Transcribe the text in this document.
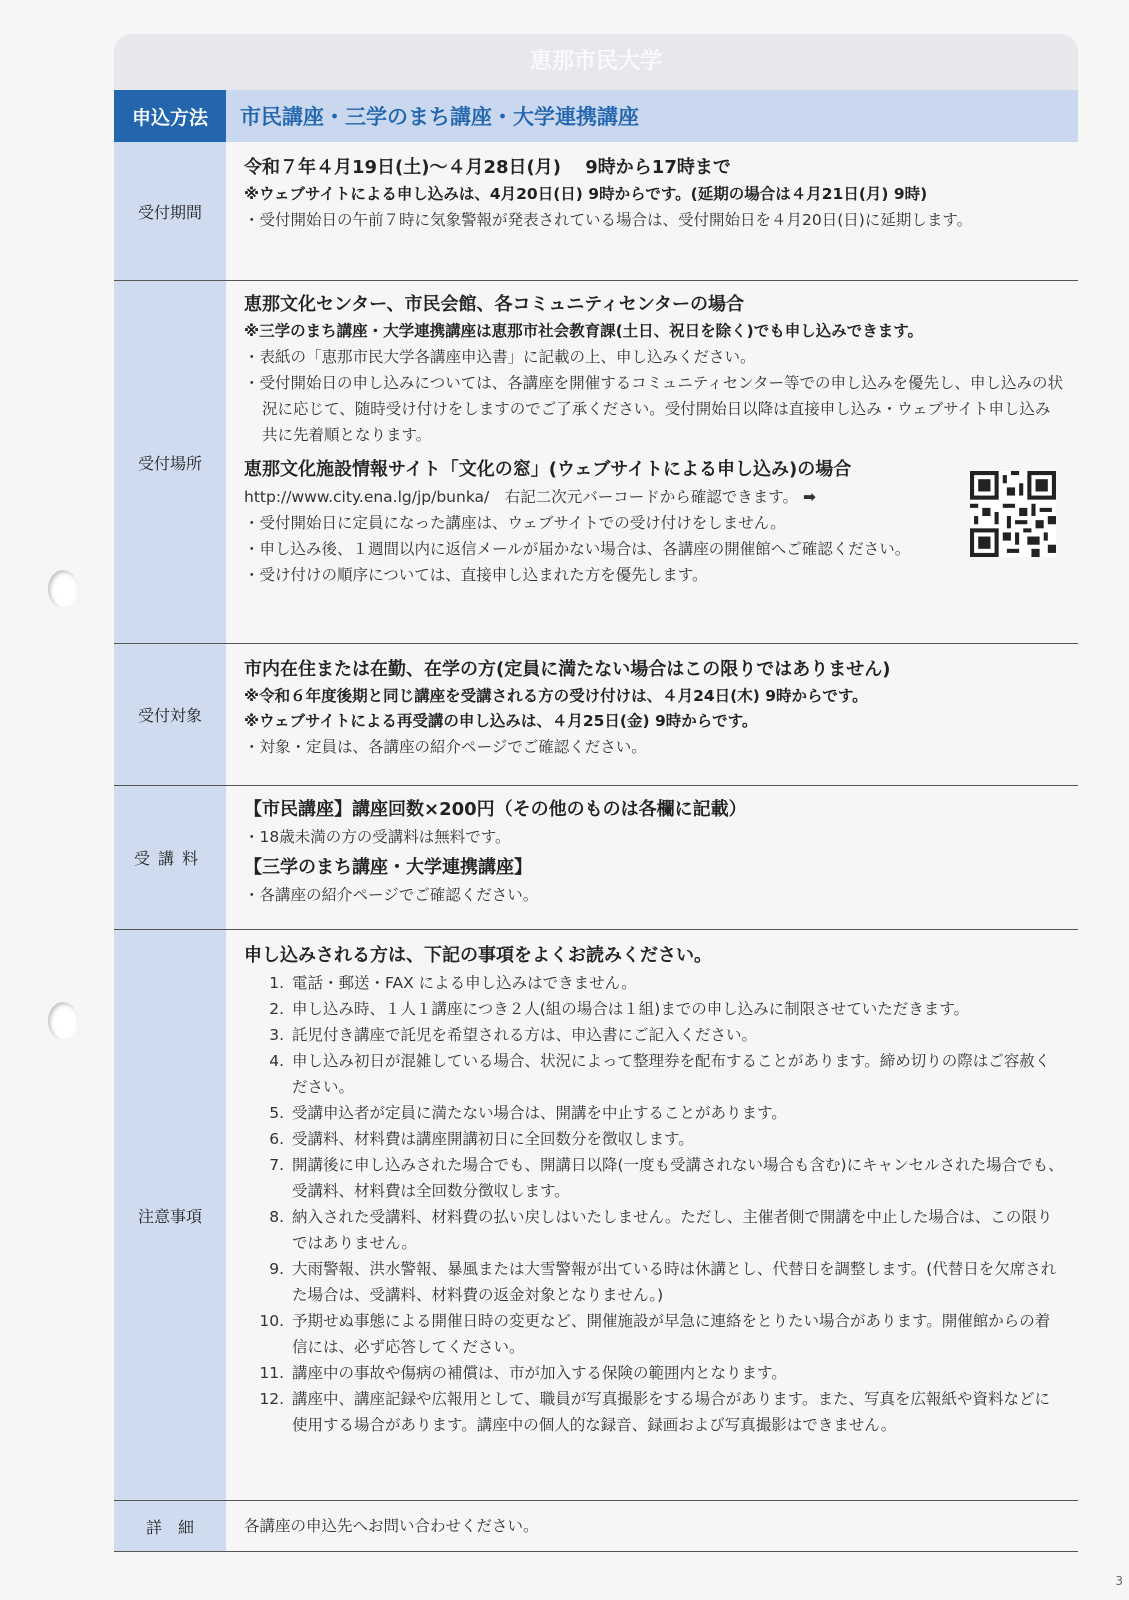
恵那市民大学
申込方法	市民講座・三学のまち講座・大学連携講座
受付期間
令和７年４月19日(土)～４月28日(月)　 9時から17時まで
※ウェブサイトによる申し込みは、4月20日(日) 9時からです。(延期の場合は４月21日(月) 9時)
・受付開始日の午前７時に気象警報が発表されている場合は、受付開始日を４月20日(日)に延期します。
受付場所
恵那文化センター、市民会館、各コミュニティセンターの場合
※三学のまち講座・大学連携講座は恵那市社会教育課(土日、祝日を除く)でも申し込みできます。
・表紙の「恵那市民大学各講座申込書」に記載の上、申し込みください。
・受付開始日の申し込みについては、各講座を開催するコミュニティセンター等での申し込みを優先し、申し込みの状況に応じて、随時受け付けをしますのでご了承ください。受付開始日以降は直接申し込み・ウェブサイト申し込み共に先着順となります。
恵那文化施設情報サイト「文化の窓」(ウェブサイトによる申し込み)の場合
http://www.city.ena.lg/jp/bunka/　右記二次元バーコードから確認できます。 ➡
・受付開始日に定員になった講座は、ウェブサイトでの受け付けをしません。
・申し込み後、１週間以内に返信メールが届かない場合は、各講座の開催館へご確認ください。
・受け付けの順序については、直接申し込まれた方を優先します。
受付対象
市内在住または在勤、在学の方(定員に満たない場合はこの限りではありません)
※令和６年度後期と同じ講座を受講される方の受け付けは、４月24日(木) 9時からです。
※ウェブサイトによる再受講の申し込みは、４月25日(金) 9時からです。
・対象・定員は、各講座の紹介ページでご確認ください。
受講料
【市民講座】講座回数×200円（その他のものは各欄に記載）
・18歳未満の方の受講料は無料です。
【三学のまち講座・大学連携講座】
・各講座の紹介ページでご確認ください。
注意事項
申し込みされる方は、下記の事項をよくお読みください。
1. 電話・郵送・FAX による申し込みはできません。
2. 申し込み時、１人１講座につき２人(組の場合は１組)までの申し込みに制限させていただきます。
3. 託児付き講座で託児を希望される方は、申込書にご記入ください。
4. 申し込み初日が混雑している場合、状況によって整理券を配布することがあります。締め切りの際はご容赦ください。
5. 受講申込者が定員に満たない場合は、開講を中止することがあります。
6. 受講料、材料費は講座開講初日に全回数分を徴収します。
7. 開講後に申し込みされた場合でも、開講日以降(一度も受講されない場合も含む)にキャンセルされた場合でも、受講料、材料費は全回数分徴収します。
8. 納入された受講料、材料費の払い戻しはいたしません。ただし、主催者側で開講を中止した場合は、この限りではありません。
9. 大雨警報、洪水警報、暴風または大雪警報が出ている時は休講とし、代替日を調整します。(代替日を欠席された場合は、受講料、材料費の返金対象となりません。)
10. 予期せぬ事態による開催日時の変更など、開催施設が早急に連絡をとりたい場合があります。開催館からの着信には、必ず応答してください。
11. 講座中の事故や傷病の補償は、市が加入する保険の範囲内となります。
12. 講座中、講座記録や広報用として、職員が写真撮影をする場合があります。また、写真を広報紙や資料などに使用する場合があります。講座中の個人的な録音、録画および写真撮影はできません。
詳　細	各講座の申込先へお問い合わせください。
3
